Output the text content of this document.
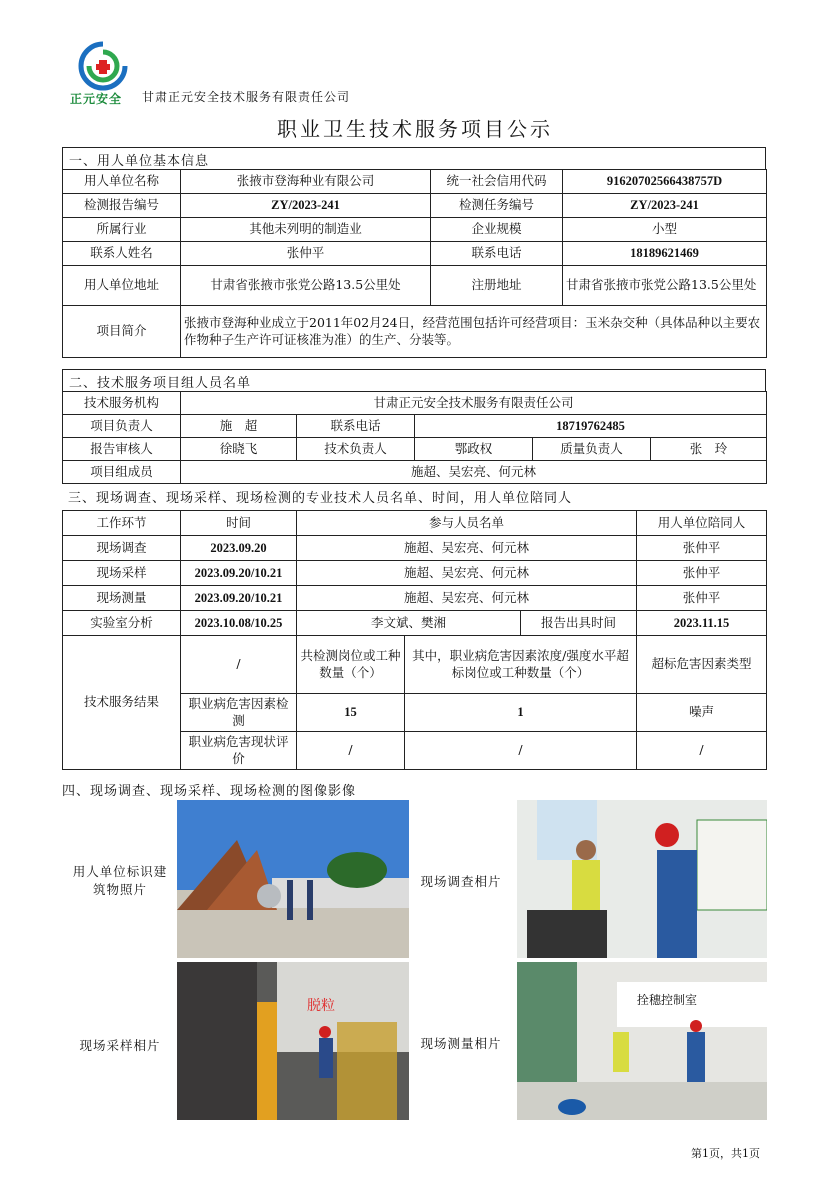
正元安全 甘肃正元安全技术服务有限责任公司
职业卫生技术服务项目公示
一、用人单位基本信息
用人单位名称	张掖市登海种业有限公司	统一社会信用代码	91620702566438757D
检测报告编号	ZY/2023-241	检测任务编号	ZY/2023-241
所属行业	其他未列明的制造业	企业规模	小型
联系人姓名	张仲平	联系电话	18189621469
用人单位地址	甘肃省张掖市张党公路13.5公里处	注册地址	甘肃省张掖市张党公路13.5公里处
项目简介	张掖市登海种业成立于2011年02月24日，经营范围包括许可经营项目：玉米杂交种（具体品种以主要农作物种子生产许可证核准为准）的生产、分装等。		
二、技术服务项目组人员名单
技术服务机构	甘肃正元安全技术服务有限责任公司				
项目负责人	施　超	联系电话	18719762485		
报告审核人	徐晓飞	技术负责人	鄂政权	质量负责人	张　玲
项目组成员	施超、吴宏亮、何元林				
三、现场调查、现场采样、现场检测的专业技术人员名单、时间，用人单位陪同人
工作环节	时间	参与人员名单			用人单位陪同人
现场调查	2023.09.20	施超、吴宏亮、何元林			张仲平
现场采样	2023.09.20/10.21	施超、吴宏亮、何元林			张仲平
现场测量	2023.09.20/10.21	施超、吴宏亮、何元林			张仲平
实验室分析	2023.10.08/10.25	李文斌、樊湘		报告出具时间	2023.11.15
技术服务结果	/	共检测岗位或工种数量（个）	其中，职业病危害因素浓度/强度水平超标岗位或工种数量（个）		超标危害因素类型
	职业病危害因素检测	15	1		噪声
	职业病危害现状评价	/	/		/
四、现场调查、现场采样、现场检测的图像影像
用人单位标识建筑物照片
现场调查相片
现场采样相片
脱粒
现场测量相片
拴穗控制室
第1页，共1页
